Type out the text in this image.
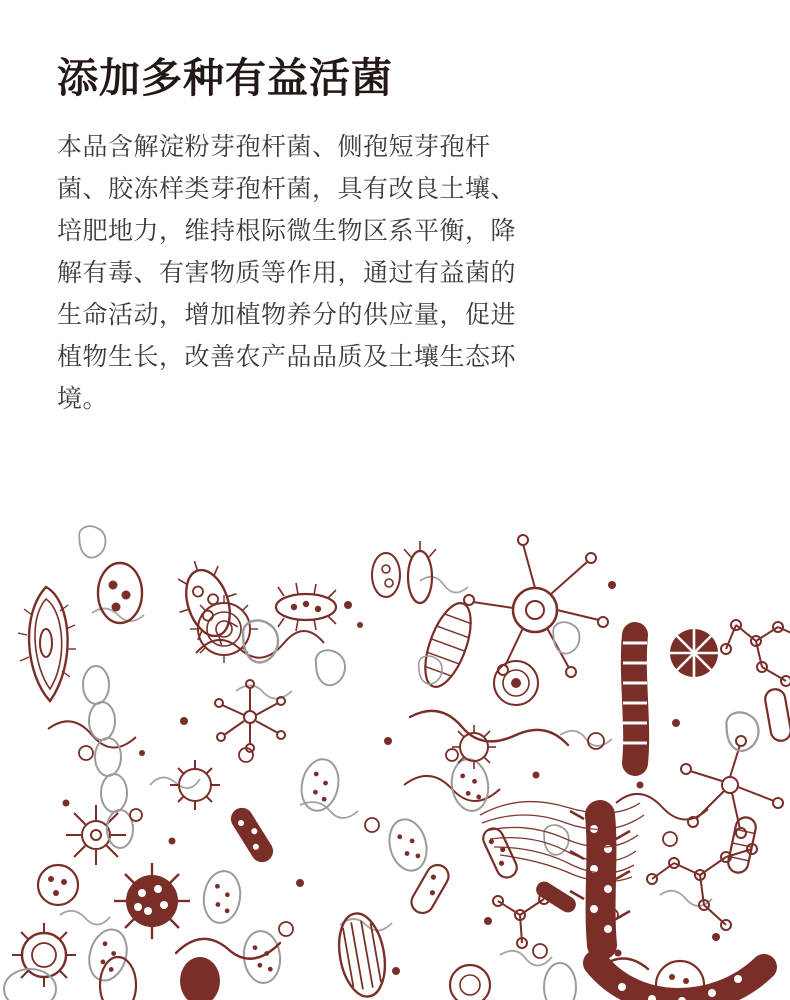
添加多种有益活菌

本品含解淀粉芽孢杆菌、侧孢短芽孢杆菌、胶冻样类芽孢杆菌，具有改良土壤、培肥地力，维持根际微生物区系平衡，降解有毒、有害物质等作用，通过有益菌的生命活动，增加植物养分的供应量，促进植物生长，改善农产品品质及土壤生态环境。
